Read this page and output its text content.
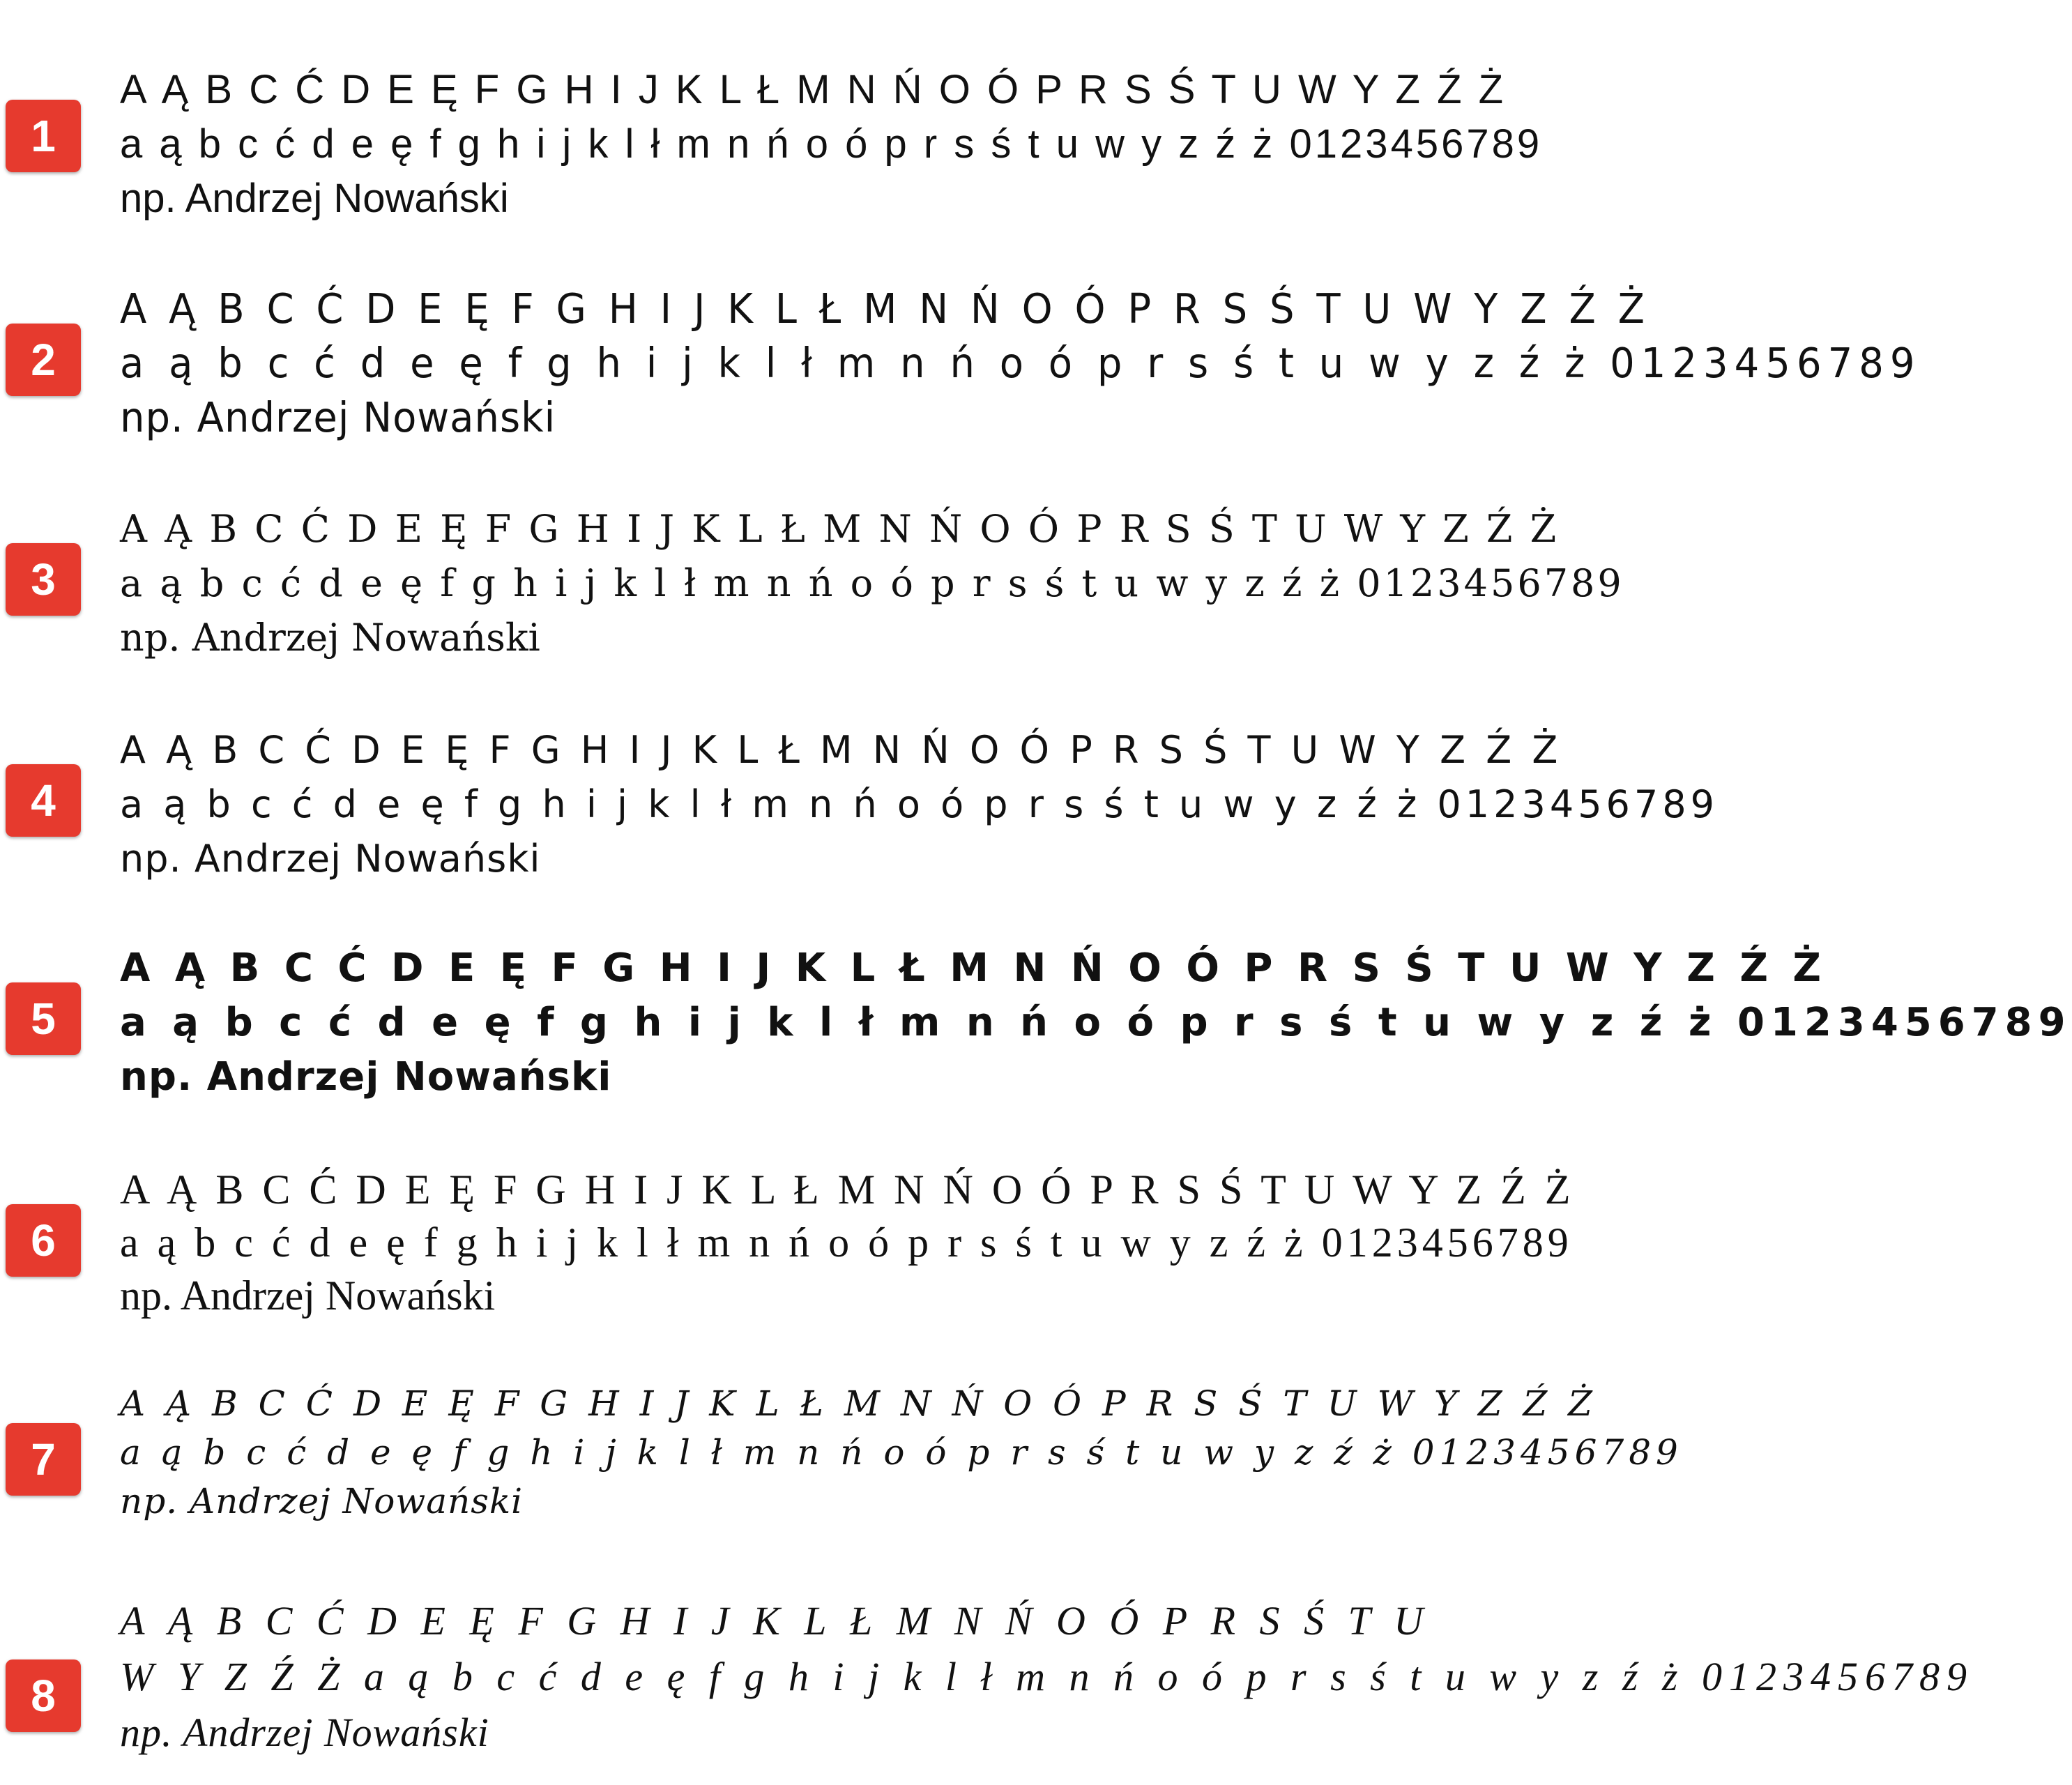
1
A Ą B C Ć D E Ę F G H I J K L Ł M N Ń O Ó P R S Ś T U W Y Z Ź Ż
a ą b c ć d e ę f g h i j k l ł m n ń o ó p r s ś t u w y z ź ż 0123456789
np. Andrzej Nowański
2
A Ą B C Ć D E Ę F G H I J K L Ł M N Ń O Ó P R S Ś T U W Y Z Ź Ż
a ą b c ć d e ę f g h i j k l ł m n ń o ó p r s ś t u w y z ź ż 0123456789
np. Andrzej Nowański
3
A Ą B C Ć D E Ę F G H I J K L Ł M N Ń O Ó P R S Ś T U W Y Z Ź Ż
a ą b c ć d e ę f g h i j k l ł m n ń o ó p r s ś t u w y z ź ż 0123456789
np. Andrzej Nowański
4
A Ą B C Ć D E Ę F G H I J K L Ł M N Ń O Ó P R S Ś T U W Y Z Ź Ż
a ą b c ć d e ę f g h i j k l ł m n ń o ó p r s ś t u w y z ź ż 0123456789
np. Andrzej Nowański
5
A Ą B C Ć D E Ę F G H I J K L Ł M N Ń O Ó P R S Ś T U W Y Z Ź Ż
a ą b c ć d e ę f g h i j k l ł m n ń o ó p r s ś t u w y z ź ż 0123456789
np. Andrzej Nowański
6
A Ą B C Ć D E Ę F G H I J K L Ł M N Ń O Ó P R S Ś T U W Y Z Ź Ż
a ą b c ć d e ę f g h i j k l ł m n ń o ó p r s ś t u w y z ź ż 0123456789
np. Andrzej Nowański
7
A Ą B C Ć D E Ę F G H I J K L Ł M N Ń O Ó P R S Ś T U W Y Z Ź Ż
a ą b c ć d e ę f g h i j k l ł m n ń o ó p r s ś t u w y z ź ż 0123456789
np. Andrzej Nowański
8
A Ą B C Ć D E Ę F G H I J K L Ł M N Ń O Ó P R S Ś T U
W Y Z Ź Ż a ą b c ć d e ę f g h i j k l ł m n ń o ó p r s ś t u w y z ź ż 0123456789
np. Andrzej Nowański
